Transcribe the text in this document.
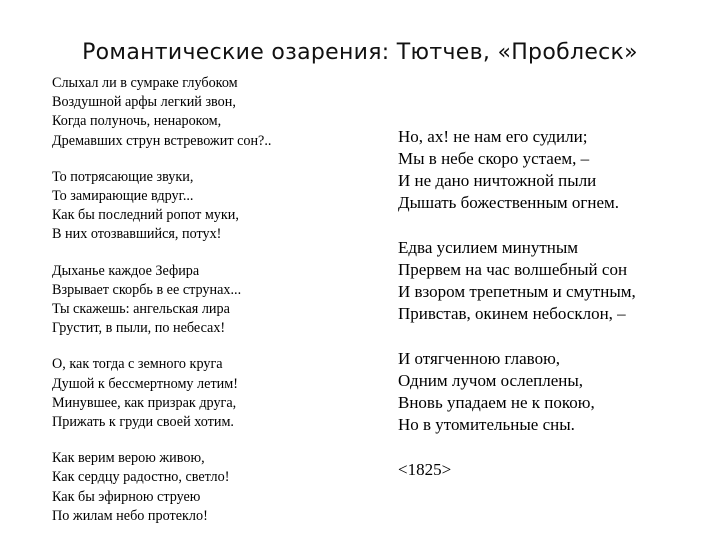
Романтические озарения: Тютчев, «Проблеск»
Слыхал ли в сумраке глубоком
Воздушной арфы легкий звон,
Когда полуночь, ненароком,
Дремавших струн встревожит сон?..
То потрясающие звуки,
То замирающие вдруг...
Как бы последний ропот муки,
В них отозвавшийся, потух!
Дыханье каждое Зефира
Взрывает скорбь в ее струнах...
Ты скажешь: ангельская лира
Грустит, в пыли, по небесах!
О, как тогда с земного круга
Душой к бессмертному летим!
Минувшее, как призрак друга,
Прижать к груди своей хотим.
Как верим верою живою,
Как сердцу радостно, светло!
Как бы эфирною струею
По жилам небо протекло!
Но, ах! не нам его судили;
Мы в небе скоро устаем, –
И не дано ничтожной пыли
Дышать божественным огнем.
Едва усилием минутным
Прервем на час волшебный сон
И взором трепетным и смутным,
Привстав, окинем небосклон, –
И отягченною главою,
Одним лучом ослеплены,
Вновь упадаем не к покою,
Но в утомительные сны.
<1825>
